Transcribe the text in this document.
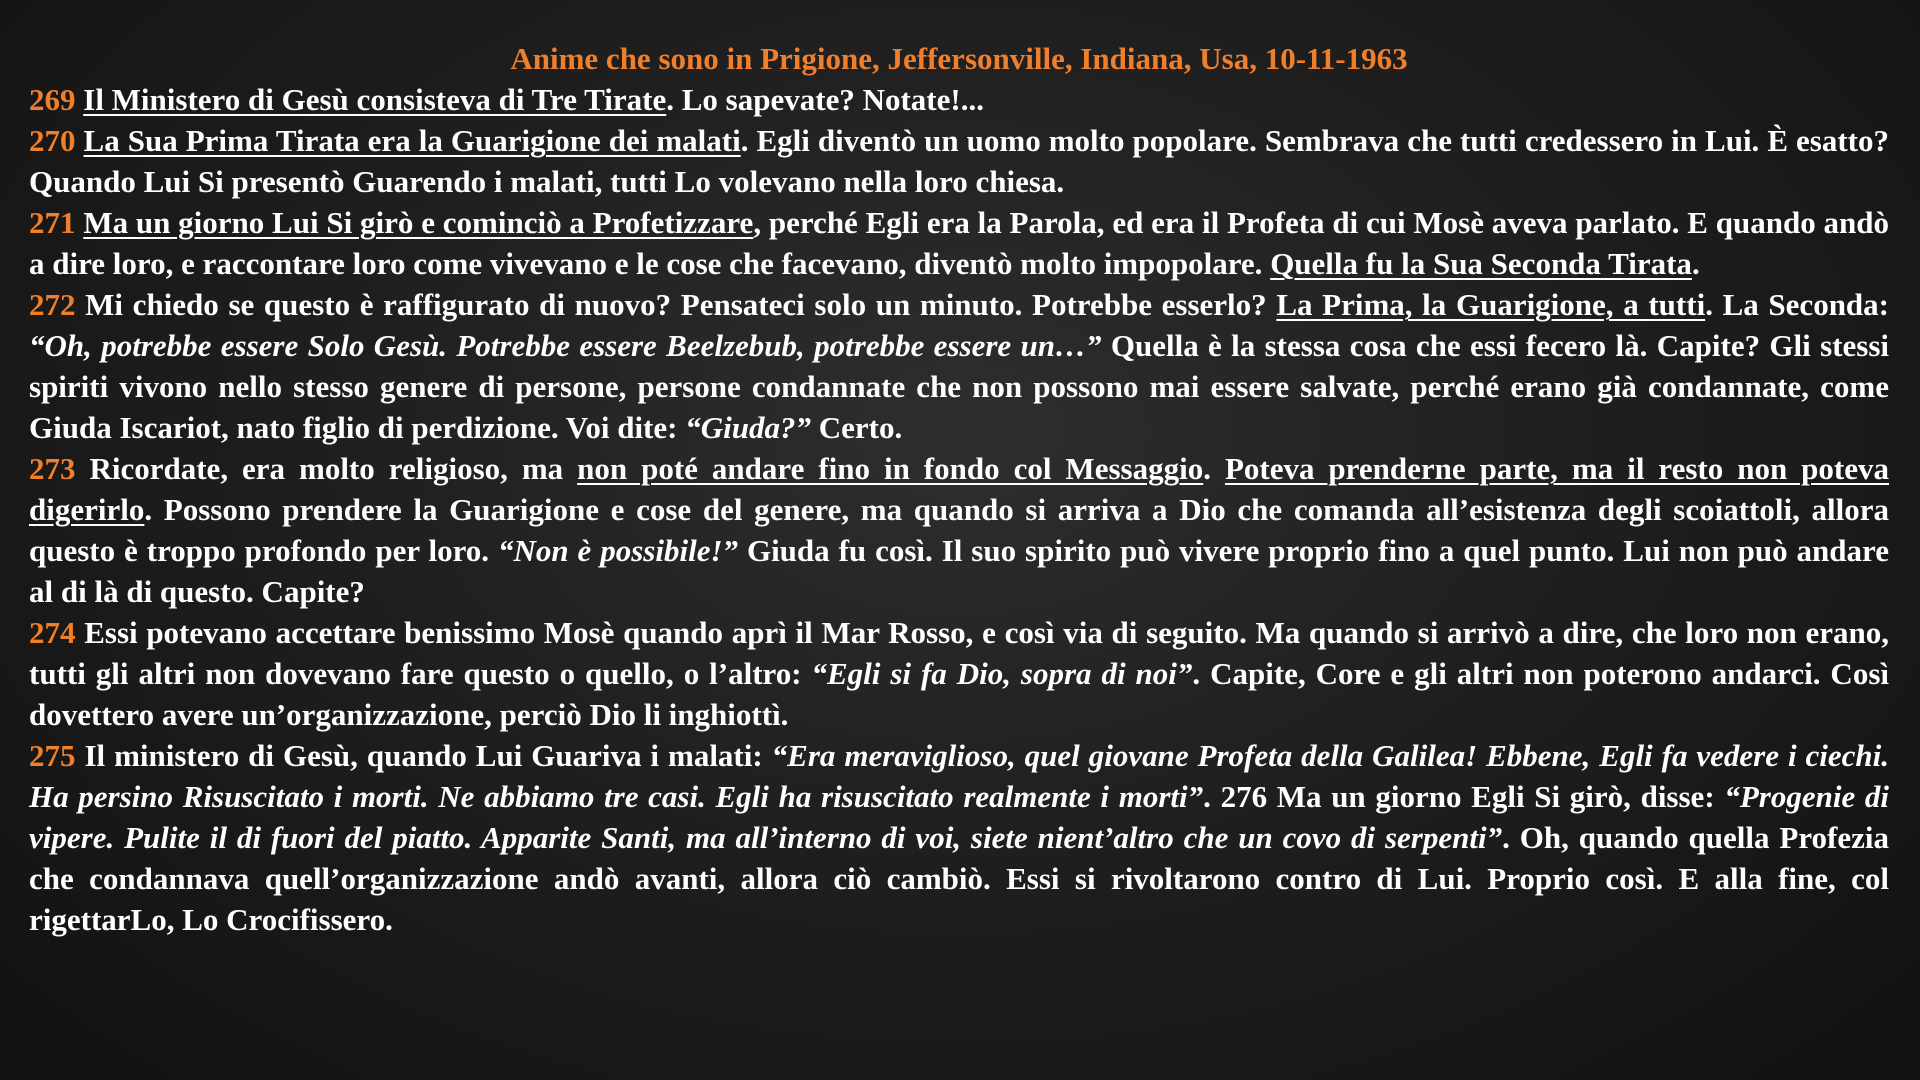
Anime che sono in Prigione, Jeffersonville, Indiana, Usa, 10-11-1963
269 Il Ministero di Gesù consisteva di Tre Tirate. Lo sapevate? Notate!...
270 La Sua Prima Tirata era la Guarigione dei malati. Egli diventò un uomo molto popolare. Sembrava che tutti credessero in Lui. È esatto? Quando Lui Si presentò Guarendo i malati, tutti Lo volevano nella loro chiesa.
271 Ma un giorno Lui Si girò e cominciò a Profetizzare, perché Egli era la Parola, ed era il Profeta di cui Mosè aveva parlato. E quando andò a dire loro, e raccontare loro come vivevano e le cose che facevano, diventò molto impopolare. Quella fu la Sua Seconda Tirata.
272 Mi chiedo se questo è raffigurato di nuovo? Pensateci solo un minuto. Potrebbe esserlo? La Prima, la Guarigione, a tutti. La Seconda: “Oh, potrebbe essere Solo Gesù. Potrebbe essere Beelzebub, potrebbe essere un…” Quella è la stessa cosa che essi fecero là. Capite? Gli stessi spiriti vivono nello stesso genere di persone, persone condannate che non possono mai essere salvate, perché erano già condannate, come Giuda Iscariot, nato figlio di perdizione. Voi dite: “Giuda?” Certo.
273 Ricordate, era molto religioso, ma non poté andare fino in fondo col Messaggio. Poteva prenderne parte, ma il resto non poteva digerirlo. Possono prendere la Guarigione e cose del genere, ma quando si arriva a Dio che comanda all’esistenza degli scoiattoli, allora questo è troppo profondo per loro. “Non è possibile!” Giuda fu così. Il suo spirito può vivere proprio fino a quel punto. Lui non può andare al di là di questo. Capite?
274 Essi potevano accettare benissimo Mosè quando aprì il Mar Rosso, e così via di seguito. Ma quando si arrivò a dire, che loro non erano, tutti gli altri non dovevano fare questo o quello, o l’altro: “Egli si fa Dio, sopra di noi”. Capite, Core e gli altri non poterono andarci. Così dovettero avere un’organizzazione, perciò Dio li inghiottì.
275 Il ministero di Gesù, quando Lui Guariva i malati: “Era meraviglioso, quel giovane Profeta della Galilea! Ebbene, Egli fa vedere i ciechi. Ha persino Risuscitato i morti. Ne abbiamo tre casi. Egli ha risuscitato realmente i morti”. 276 Ma un giorno Egli Si girò, disse: “Progenie di vipere. Pulite il di fuori del piatto. Apparite Santi, ma all’interno di voi, siete nient’altro che un covo di serpenti”. Oh, quando quella Profezia che condannava quell’organizzazione andò avanti, allora ciò cambiò. Essi si rivoltarono contro di Lui. Proprio così. E alla fine, col rigettarLo, Lo Crocifissero.
